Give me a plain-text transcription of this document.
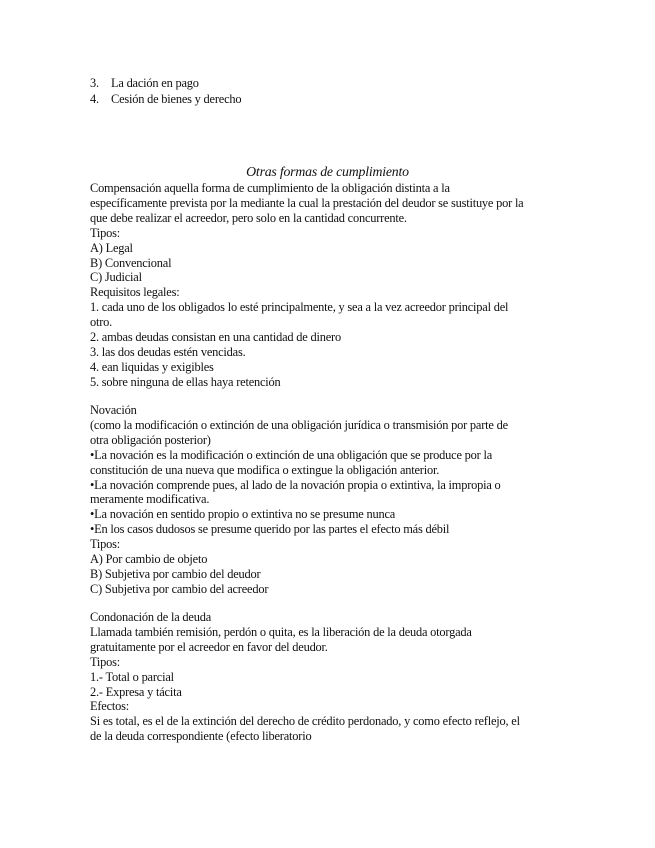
3. La dación en pago
4. Cesión de bienes y derecho
Otras formas de cumplimiento
Compensación aquella forma de cumplimiento de la obligación distinta a la
específicamente prevista por la mediante la cual la prestación del deudor se sustituye por la
que debe realizar el acreedor, pero solo en la cantidad concurrente.
Tipos:
A) Legal
B) Convencional
C) Judicial
Requisitos legales:
1. cada uno de los obligados lo esté principalmente, y sea a la vez acreedor principal del
otro.
2. ambas deudas consistan en una cantidad de dinero
3. las dos deudas estén vencidas.
4. ean liquidas y exigibles
5. sobre ninguna de ellas haya retención
Novación
(como la modificación o extinción de una obligación jurídica o transmisión por parte de
otra obligación posterior)
•La novación es la modificación o extinción de una obligación que se produce por la
constitución de una nueva que modifica o extingue la obligación anterior.
•La novación comprende pues, al lado de la novación propia o extintiva, la impropia o
meramente modificativa.
•La novación en sentido propio o extintiva no se presume nunca
•En los casos dudosos se presume querido por las partes el efecto más débil
Tipos:
A) Por cambio de objeto
B) Subjetiva por cambio del deudor
C) Subjetiva por cambio del acreedor
Condonación de la deuda
Llamada también remisión, perdón o quita, es la liberación de la deuda otorgada
gratuitamente por el acreedor en favor del deudor.
Tipos:
1.- Total o parcial
2.- Expresa y tácita
Efectos:
Si es total, es el de la extinción del derecho de crédito perdonado, y como efecto reflejo, el
de la deuda correspondiente (efecto liberatorio
